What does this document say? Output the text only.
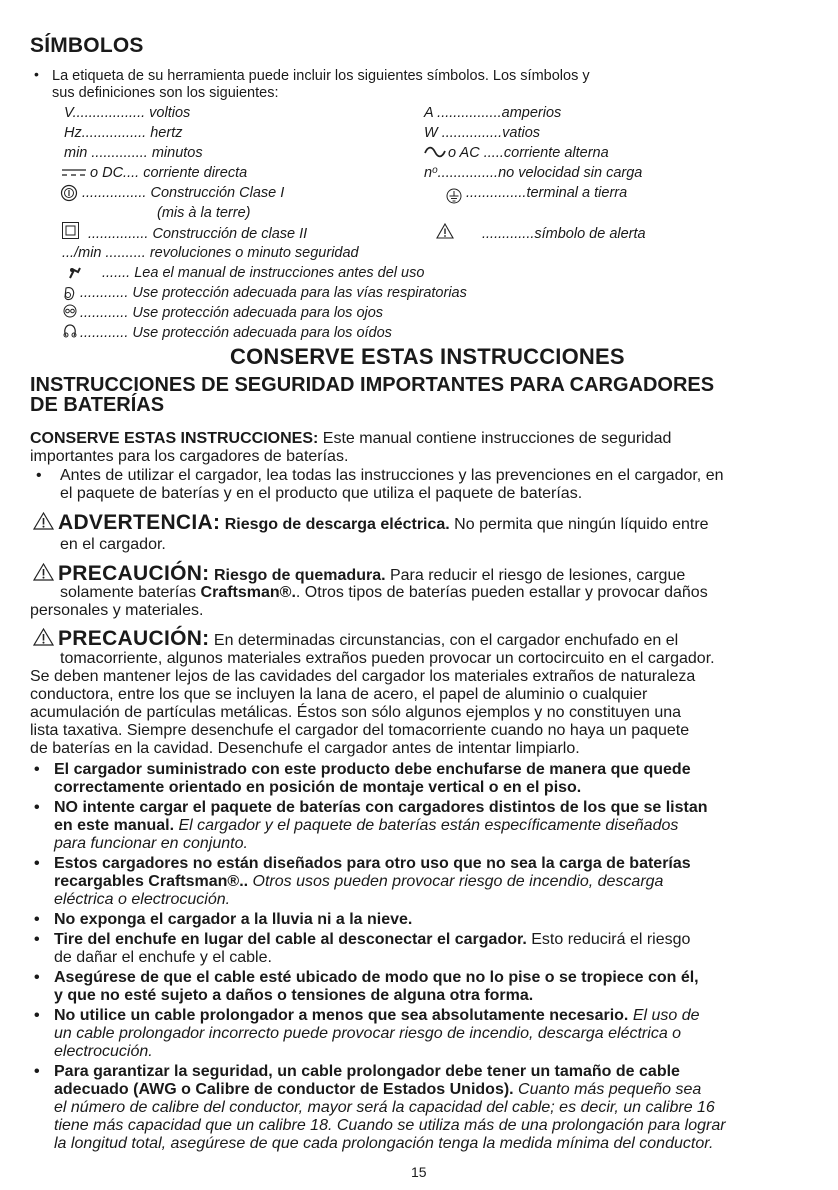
SÍMBOLOS
• La etiqueta de su herramienta puede incluir los siguientes símbolos. Los símbolos y
sus definiciones son los siguientes:
V.................. voltios
Hz................ hertz
min .............. minutos
o DC.... corriente directa
................ Construcción Clase I
(mis à la terre)
............... Construcción de clase II
.../min .......... revoluciones o minuto seguridad
A ................amperios
W ...............vatios
o AC .....corriente alterna
$n^o...............no$ velocidad sin carga
...............terminal a tierra
.............símbolo de alerta
....... Lea el manual de instrucciones antes del uso
............ Use protección adecuada para las vías respiratorias
............ Use protección adecuada para los ojos
............ Use protección adecuada para los oídos
CONSERVE ESTAS INSTRUCCIONES
INSTRUCCIONES DE SEGURIDAD IMPORTANTES PARA CARGADORES
DE BATERÍAS
CONSERVE ESTAS INSTRUCCIONES: Este manual contiene instrucciones de seguridad
importantes para los cargadores de baterías.
• Antes de utilizar el cargador, lea todas las instrucciones y las prevenciones en el cargador, en
el paquete de baterías y en el producto que utiliza el paquete de baterías.
ADVERTENCIA: Riesgo de descarga eléctrica. No permita que ningún líquido entre
en el cargador.
PRECAUCIÓN: Riesgo de quemadura. Para reducir el riesgo de lesiones, cargue
solamente baterías Craftsman®.. Otros tipos de baterías pueden estallar y provocar daños
personales y materiales.
PRECAUCIÓN: En determinadas circunstancias, con el cargador enchufado en el
tomacorriente, algunos materiales extraños pueden provocar un cortocircuito en el cargador.
Se deben mantener lejos de las cavidades del cargador los materiales extraños de naturaleza
conductora, entre los que se incluyen la lana de acero, el papel de aluminio o cualquier
acumulación de partículas metálicas. Éstos son sólo algunos ejemplos y no constituyen una
lista taxativa. Siempre desenchufe el cargador del tomacorriente cuando no haya un paquete
de baterías en la cavidad. Desenchufe el cargador antes de intentar limpiarlo.
• El cargador suministrado con este producto debe enchufarse de manera que quede
correctamente orientado en posición de montaje vertical o en el piso.
• NO intente cargar el paquete de baterías con cargadores distintos de los que se listan
en este manual. El cargador y el paquete de baterías están específicamente diseñados
para funcionar en conjunto.
• Estos cargadores no están diseñados para otro uso que no sea la carga de baterías
recargables Craftsman®.. Otros usos pueden provocar riesgo de incendio, descarga
eléctrica o electrocución.
• No exponga el cargador a la lluvia ni a la nieve.
• Tire del enchufe en lugar del cable al desconectar el cargador. Esto reducirá el riesgo
de dañar el enchufe y el cable.
• Asegúrese de que el cable esté ubicado de modo que no lo pise o se tropiece con él,
y que no esté sujeto a daños o tensiones de alguna otra forma.
• No utilice un cable prolongador a menos que sea absolutamente necesario. El uso de
un cable prolongador incorrecto puede provocar riesgo de incendio, descarga eléctrica o
electrocución.
• Para garantizar la seguridad, un cable prolongador debe tener un tamaño de cable
adecuado (AWG o Calibre de conductor de Estados Unidos). Cuanto más pequeño sea
el número de calibre del conductor, mayor será la capacidad del cable; es decir, un calibre 16
tiene más capacidad que un calibre 18. Cuando se utiliza más de una prolongación para lograr
la longitud total, asegúrese de que cada prolongación tenga la medida mínima del conductor.
15
